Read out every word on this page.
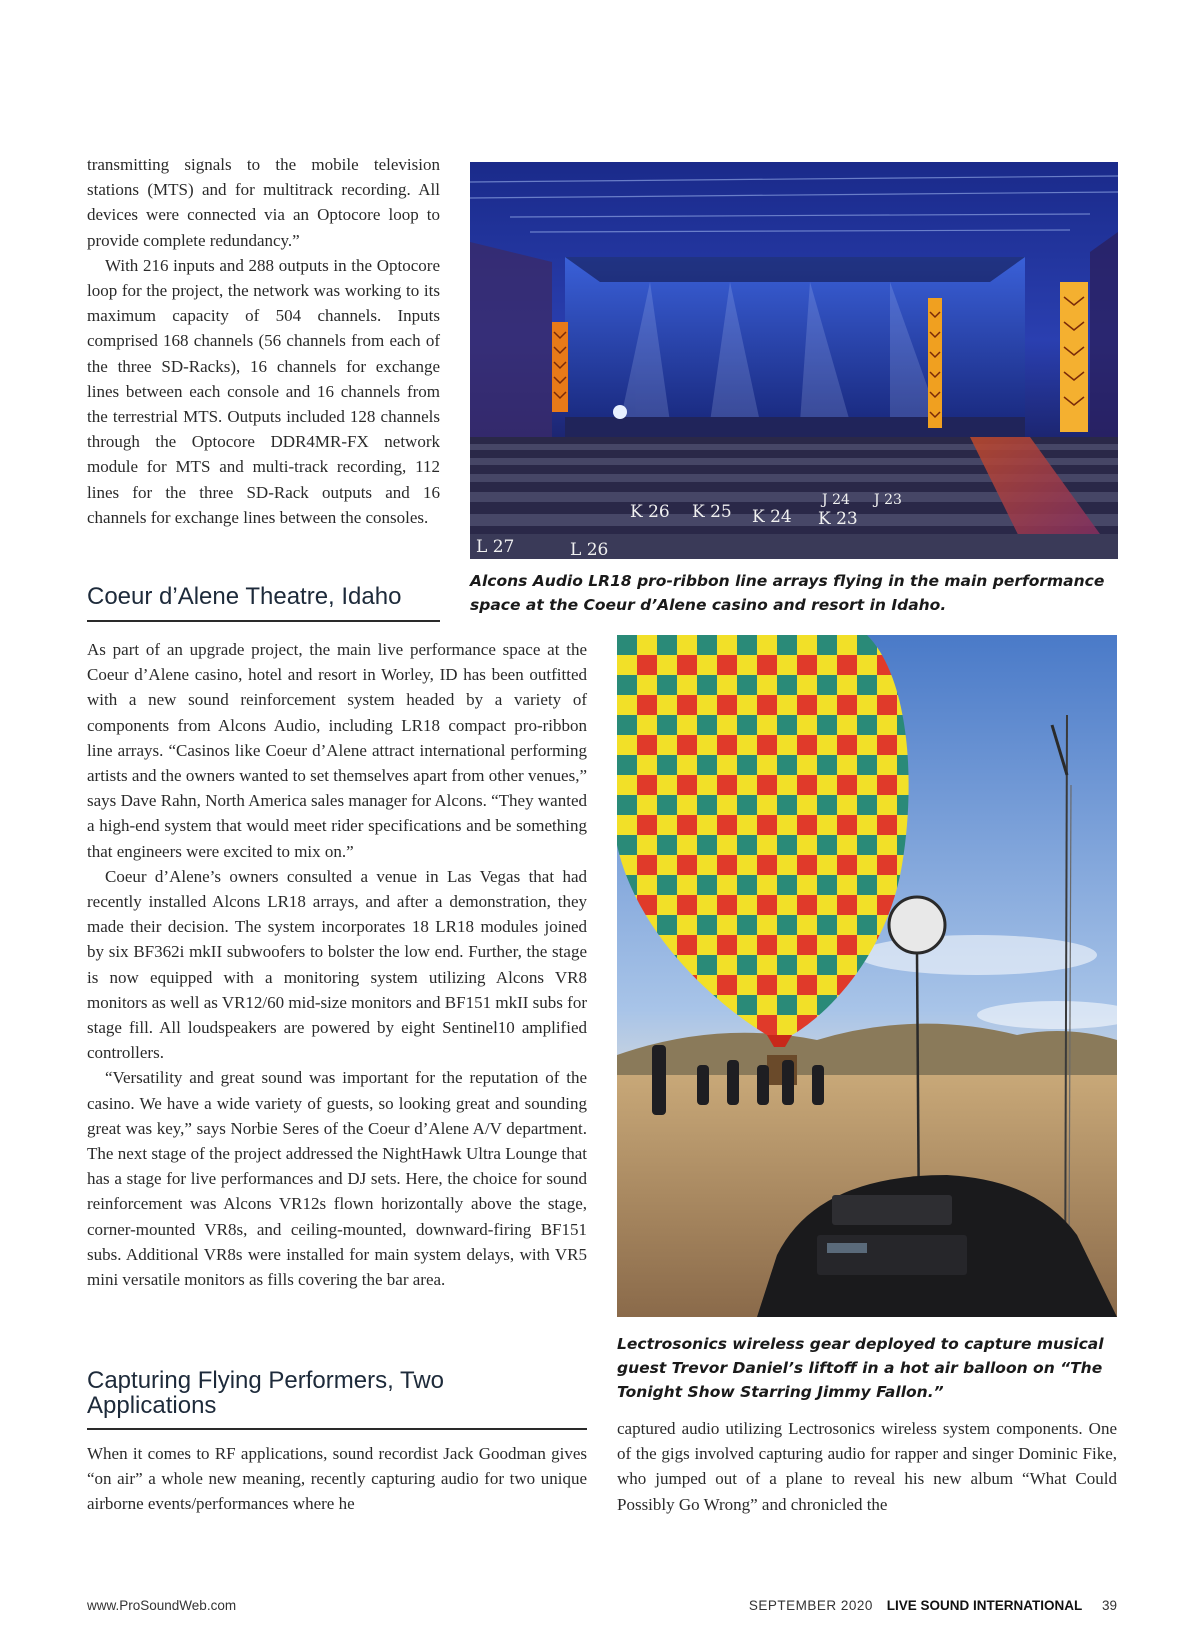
transmitting signals to the mobile television stations (MTS) and for multitrack recording. All devices were connected via an Optocore loop to provide complete redundancy.”

With 216 inputs and 288 outputs in the Optocore loop for the project, the network was working to its maximum capacity of 504 channels. Inputs comprised 168 channels (56 channels from each of the three SD-Racks), 16 channels for exchange lines between each console and 16 channels from the terrestrial MTS. Outputs included 128 channels through the Optocore DDR4MR-FX network module for MTS and multi-track recording, 112 lines for the three SD-Rack outputs and 16 channels for exchange lines between the consoles.

L 27	L 26
K 26 K 25 K 24 K 23
J 24 J 23
Alcons Audio LR18 pro-ribbon line arrays flying in the main performance space at the Coeur d’Alene casino and resort in Idaho.
Coeur d’Alene Theatre, Idaho

As part of an upgrade project, the main live performance space at the Coeur d’Alene casino, hotel and resort in Worley, ID has been outfitted with a new sound reinforcement system headed by a variety of components from Alcons Audio, including LR18 compact pro-ribbon line arrays. “Casinos like Coeur d’Alene attract international performing artists and the owners wanted to set themselves apart from other venues,” says Dave Rahn, North America sales manager for Alcons. “They wanted a high-end system that would meet rider specifications and be something that engineers were excited to mix on.”

Coeur d’Alene’s owners consulted a venue in Las Vegas that had recently installed Alcons LR18 arrays, and after a demonstration, they made their decision. The system incorporates 18 LR18 modules joined by six BF362i mkII subwoofers to bolster the low end. Further, the stage is now equipped with a monitoring system utilizing Alcons VR8 monitors as well as VR12/60 mid-size monitors and BF151 mkII subs for stage fill. All loudspeakers are powered by eight Sentinel10 amplified controllers.

“Versatility and great sound was important for the reputation of the casino. We have a wide variety of guests, so looking great and sounding great was key,” says Norbie Seres of the Coeur d’Alene A/V department. The next stage of the project addressed the NightHawk Ultra Lounge that has a stage for live performances and DJ sets. Here, the choice for sound reinforcement was Alcons VR12s flown horizontally above the stage, corner-mounted VR8s, and ceiling-mounted, downward-firing BF151 subs. Additional VR8s were installed for main system delays, with VR5 mini versatile monitors as fills covering the bar area.

Lectrosonics wireless gear deployed to capture musical guest Trevor Daniel’s liftoff in a hot air balloon on “The Tonight Show Starring Jimmy Fallon.”
Capturing Flying Performers, Two Applications

When it comes to RF applications, sound recordist Jack Goodman gives “on air” a whole new meaning, recently capturing audio for two unique airborne events/performances where he

captured audio utilizing Lectrosonics wireless system components. One of the gigs involved capturing audio for rapper and singer Dominic Fike, who jumped out of a plane to reveal his new album “What Could Possibly Go Wrong” and chronicled the

www.ProSoundWeb.com	SEPTEMBER 2020 LIVE SOUND INTERNATIONAL 39
